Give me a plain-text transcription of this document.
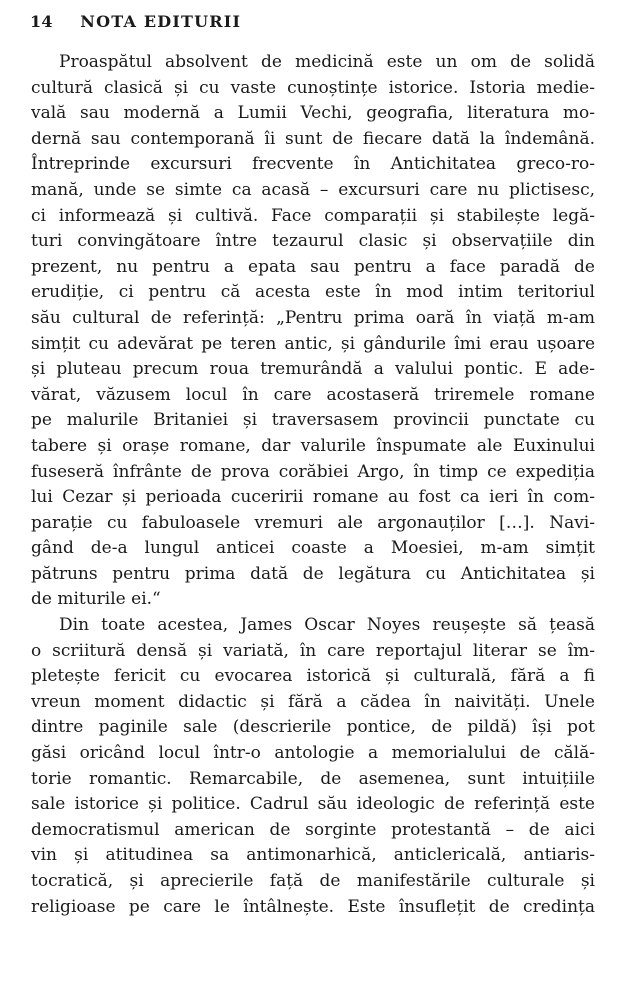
14 NOTA EDITURII
Proaspătul absolvent de medicină este un om de solidă
cultură clasică și cu vaste cunoștințe istorice. Istoria medie-
vală sau modernă a Lumii Vechi, geografia, literatura mo-
dernă sau contemporană îi sunt de fiecare dată la îndemână.
Întreprinde excursuri frecvente în Antichitatea greco-ro-
mană, unde se simte ca acasă – excursuri care nu plictisesc,
ci informează și cultivă. Face comparații și stabilește legă-
turi convingătoare între tezaurul clasic și observațiile din
prezent, nu pentru a epata sau pentru a face paradă de
erudiție, ci pentru că acesta este în mod intim teritoriul
său cultural de referință: „Pentru prima oară în viață m-am
simțit cu adevărat pe teren antic, și gândurile îmi erau ușoare
și pluteau precum roua tremurândă a valului pontic. E ade-
vărat, văzusem locul în care acostaseră triremele romane
pe malurile Britaniei și traversasem provincii punctate cu
tabere și orașe romane, dar valurile înspumate ale Euxinului
fuseseră înfrânte de prova corăbiei Argo, în timp ce expediția
lui Cezar și perioada cuceririi romane au fost ca ieri în com-
parație cu fabuloasele vremuri ale argonauților […]. Navi-
gând de-a lungul anticei coaste a Moesiei, m-am simțit
pătruns pentru prima dată de legătura cu Antichitatea și
de miturile ei.“
Din toate acestea, James Oscar Noyes reușește să țeasă
o scriitură densă și variată, în care reportajul literar se îm-
pletește fericit cu evocarea istorică și culturală, fără a fi
vreun moment didactic și fără a cădea în naivități. Unele
dintre paginile sale (descrierile pontice, de pildă) își pot
găsi oricând locul într-o antologie a memorialului de călă-
torie romantic. Remarcabile, de asemenea, sunt intuițiile
sale istorice și politice. Cadrul său ideologic de referință este
democratismul american de sorginte protestantă – de aici
vin și atitudinea sa antimonarhică, anticlericală, antiaris-
tocratică, și aprecierile față de manifestările culturale și
religioase pe care le întâlnește. Este însuflețit de credința
